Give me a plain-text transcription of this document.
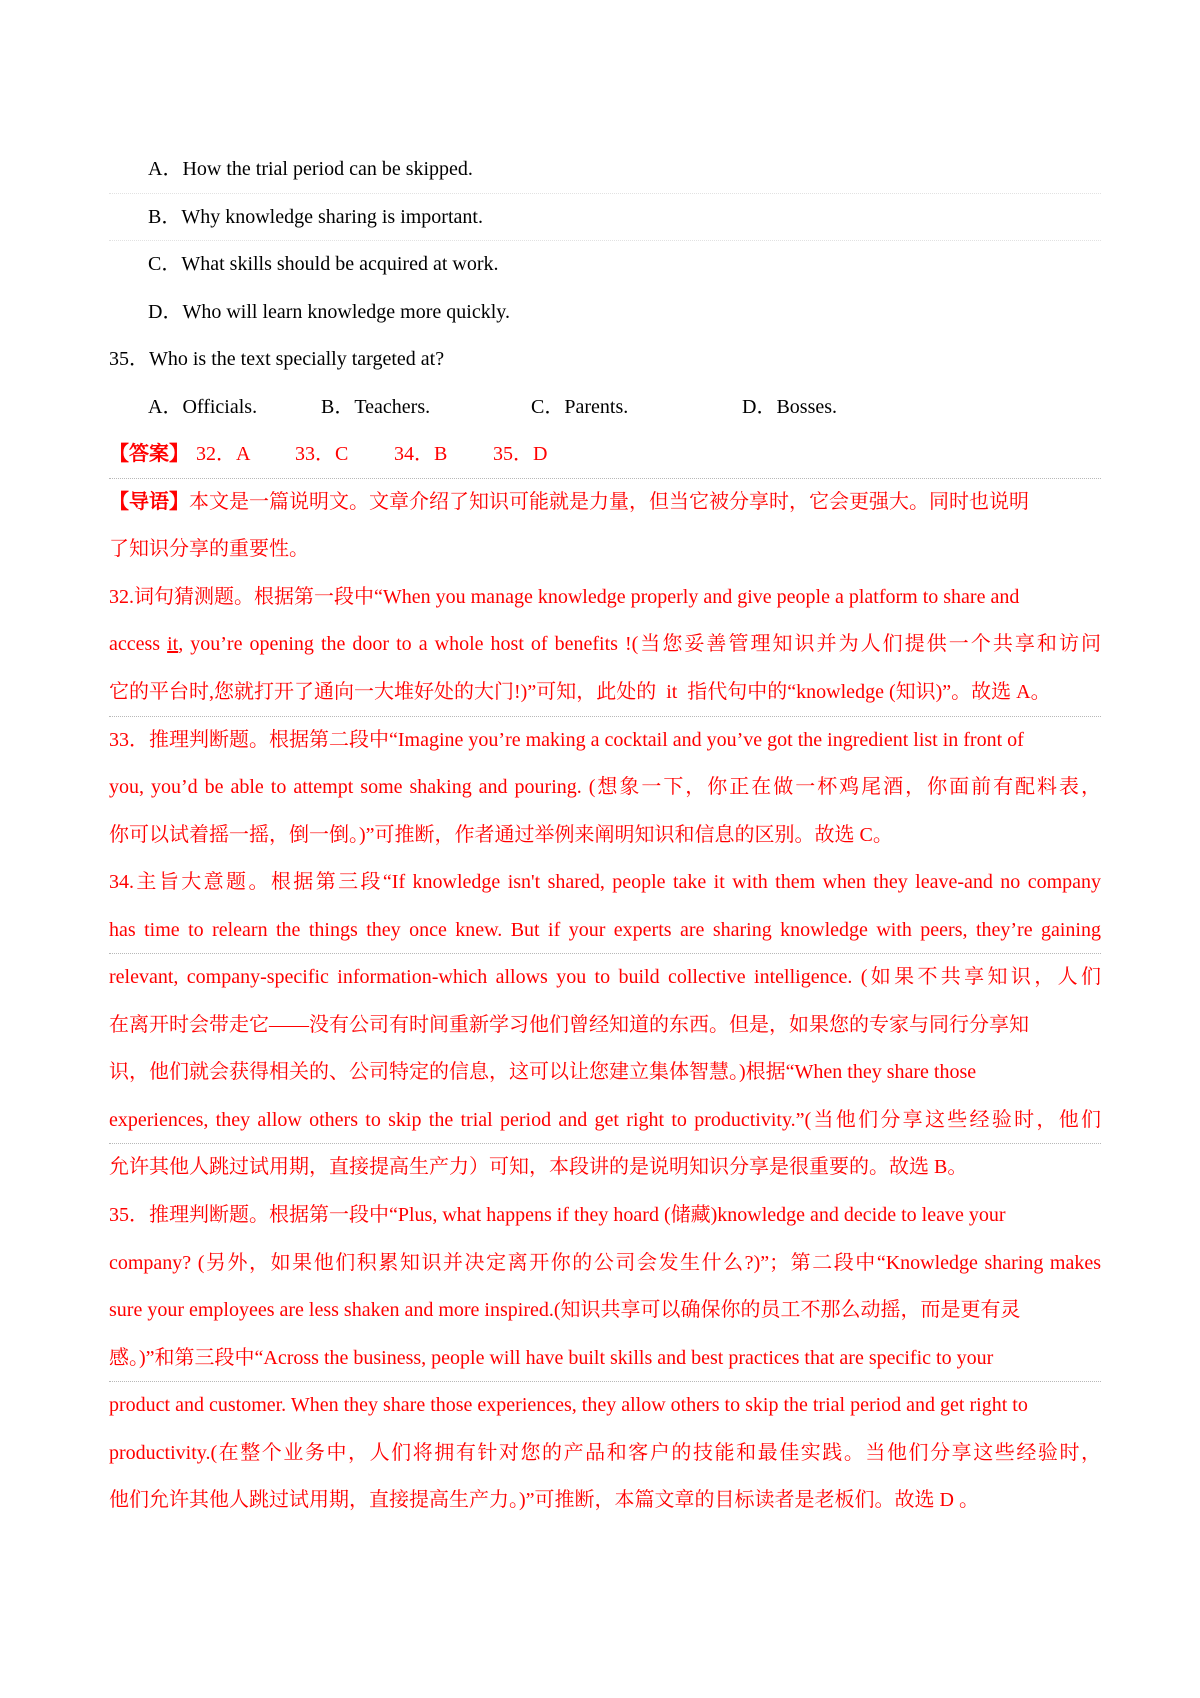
A．How the trial period can be skipped.
B．Why knowledge sharing is important.
C．What skills should be acquired at work.
D．Who will learn knowledge more quickly.
35．Who is the text specially targeted at?
A．Officials.	B．Teachers.	C．Parents.	D．Bosses.
【答案】 32．A 33．C 34．B 35．D
【导语】本文是一篇说明文。文章介绍了知识可能就是力量，但当它被分享时，它会更强大。同时也说明
了知识分享的重要性。
32.词句猜测题。根据第一段中“When you manage knowledge properly and give people a platform to share and
access it, you’re opening the door to a whole host of benefits !(当您妥善管理知识并为人们提供一个共享和访问
它的平台时,您就打开了通向一大堆好处的大门!)”可知，此处的  it  指代句中的“knowledge (知识)”。故选 A。
33．推理判断题。根据第二段中“Imagine you’re making a cocktail and you’ve got the ingredient list in front of
you, you’d be able to attempt some shaking and pouring. (想象一下，你正在做一杯鸡尾酒，你面前有配料表，
你可以试着摇一摇，倒一倒。)”可推断，作者通过举例来阐明知识和信息的区别。故选 C。
34.主旨大意题。根据第三段“If knowledge isn't shared, people take it with them when they leave-and no company
has time to relearn the things they once knew. But if your experts are sharing knowledge with peers, they’re gaining
relevant, company-specific information-which allows you to build collective intelligence. (如果不共享知识，人们
在离开时会带走它——没有公司有时间重新学习他们曾经知道的东西。但是，如果您的专家与同行分享知
识，他们就会获得相关的、公司特定的信息，这可以让您建立集体智慧。)根据“When they share those
experiences, they allow others to skip the trial period and get right to productivity.”(当他们分享这些经验时，他们
允许其他人跳过试用期，直接提高生产力）可知，本段讲的是说明知识分享是很重要的。故选 B。
35．推理判断题。根据第一段中“Plus, what happens if they hoard (储藏)knowledge and decide to leave your
company? (另外，如果他们积累知识并决定离开你的公司会发生什么?)”；第二段中“Knowledge sharing makes
sure your employees are less shaken and more inspired.(知识共享可以确保你的员工不那么动摇，而是更有灵
感。)”和第三段中“Across the business, people will have built skills and best practices that are specific to your
product and customer. When they share those experiences, they allow others to skip the trial period and get right to
productivity.(在整个业务中，人们将拥有针对您的产品和客户的技能和最佳实践。当他们分享这些经验时，
他们允许其他人跳过试用期，直接提高生产力。)”可推断，本篇文章的目标读者是老板们。故选 D 。
